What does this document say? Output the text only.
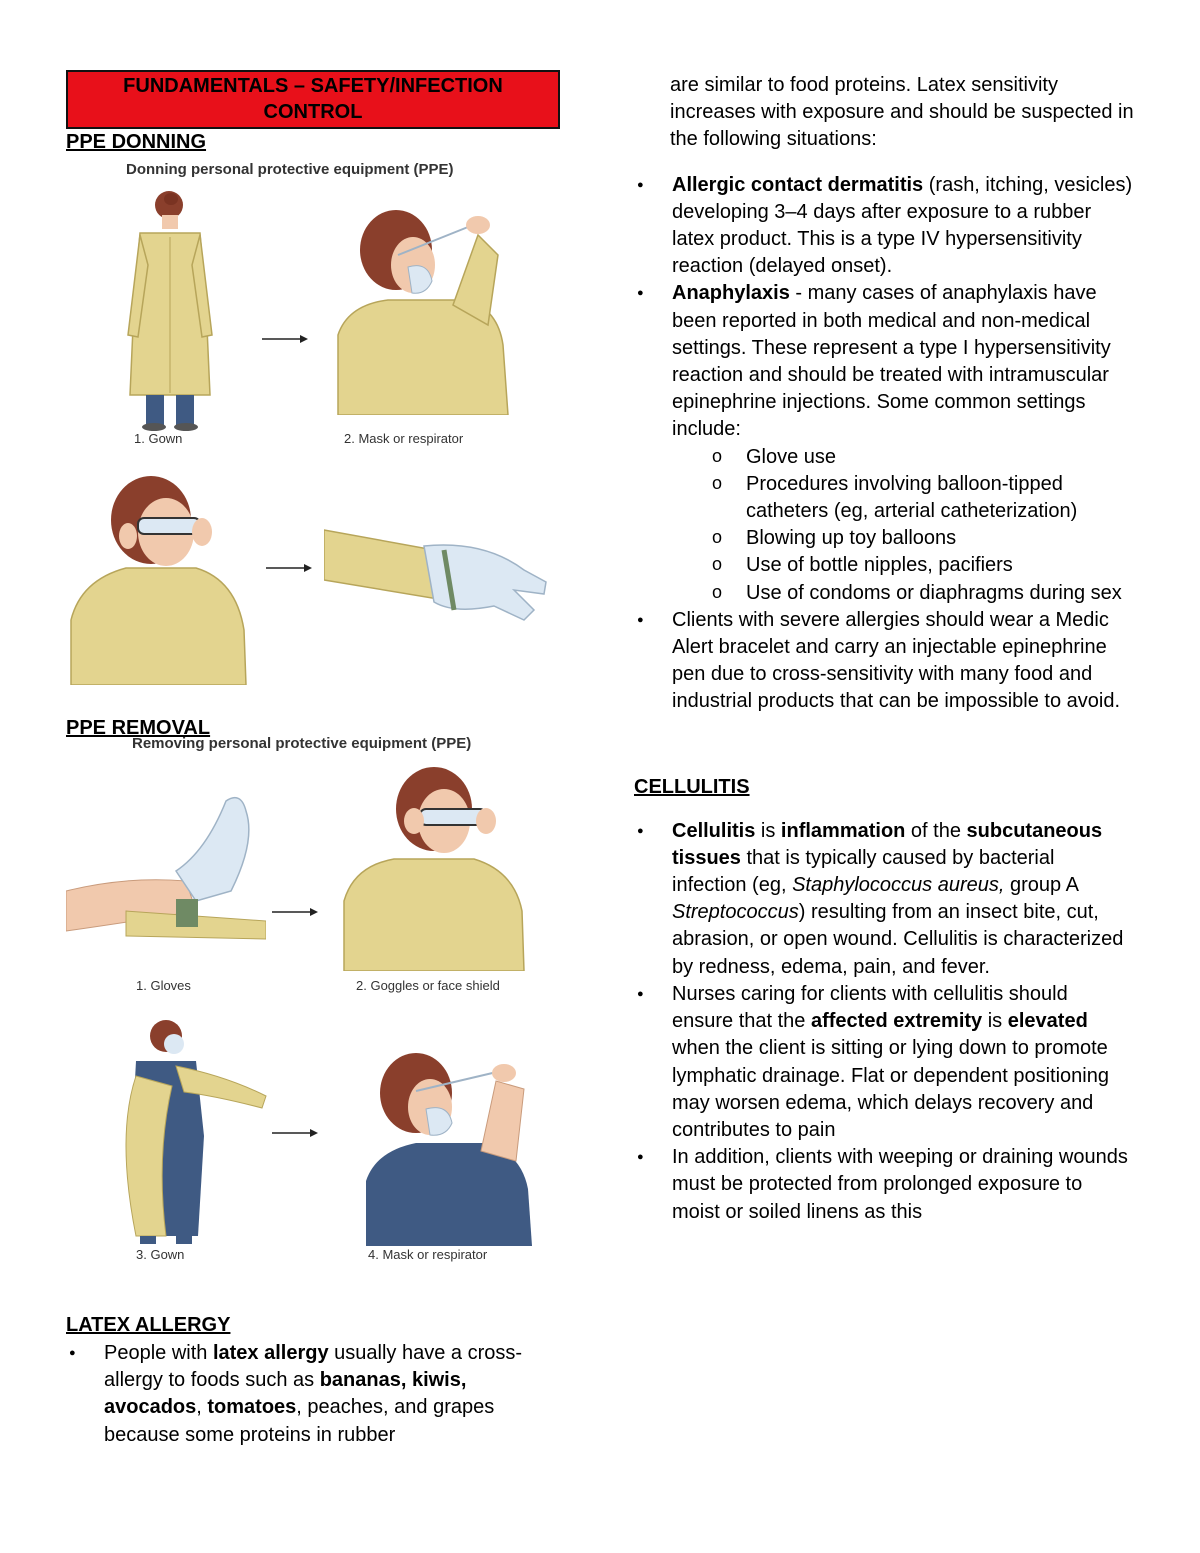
FUNDAMENTALS – SAFETY/INFECTION
CONTROL
PPE DONNING
Donning personal protective equipment (PPE)
1. Gown	2. Mask or respirator
PPE REMOVAL
Removing personal protective equipment (PPE)
1. Gloves	2. Goggles or face shield
3. Gown	4. Mask or respirator
LATEX ALLERGY
● People with latex allergy usually have a cross-allergy to foods such as bananas, kiwis, avocados, tomatoes, peaches, and grapes because some proteins in rubber

are similar to food proteins. Latex sensitivity increases with exposure and should be suspected in the following situations:

● Allergic contact dermatitis (rash, itching, vesicles) developing 3–4 days after exposure to a rubber latex product. This is a type IV hypersensitivity reaction (delayed onset).
● Anaphylaxis - many cases of anaphylaxis have been reported in both medical and non-medical settings. These represent a type I hypersensitivity reaction and should be treated with intramuscular epinephrine injections. Some common settings include:
o Glove use
o Procedures involving balloon-tipped catheters (eg, arterial catheterization)
o Blowing up toy balloons
o Use of bottle nipples, pacifiers
o Use of condoms or diaphragms during sex
● Clients with severe allergies should wear a Medic Alert bracelet and carry an injectable epinephrine pen due to cross-sensitivity with many food and industrial products that can be impossible to avoid.
CELLULITIS
● Cellulitis is inflammation of the subcutaneous tissues that is typically caused by bacterial infection (eg, Staphylococcus aureus, group A Streptococcus) resulting from an insect bite, cut, abrasion, or open wound. Cellulitis is characterized by redness, edema, pain, and fever.
● Nurses caring for clients with cellulitis should ensure that the affected extremity is elevated when the client is sitting or lying down to promote lymphatic drainage. Flat or dependent positioning may worsen edema, which delays recovery and contributes to pain
● In addition, clients with weeping or draining wounds must be protected from prolonged exposure to moist or soiled linens as this
